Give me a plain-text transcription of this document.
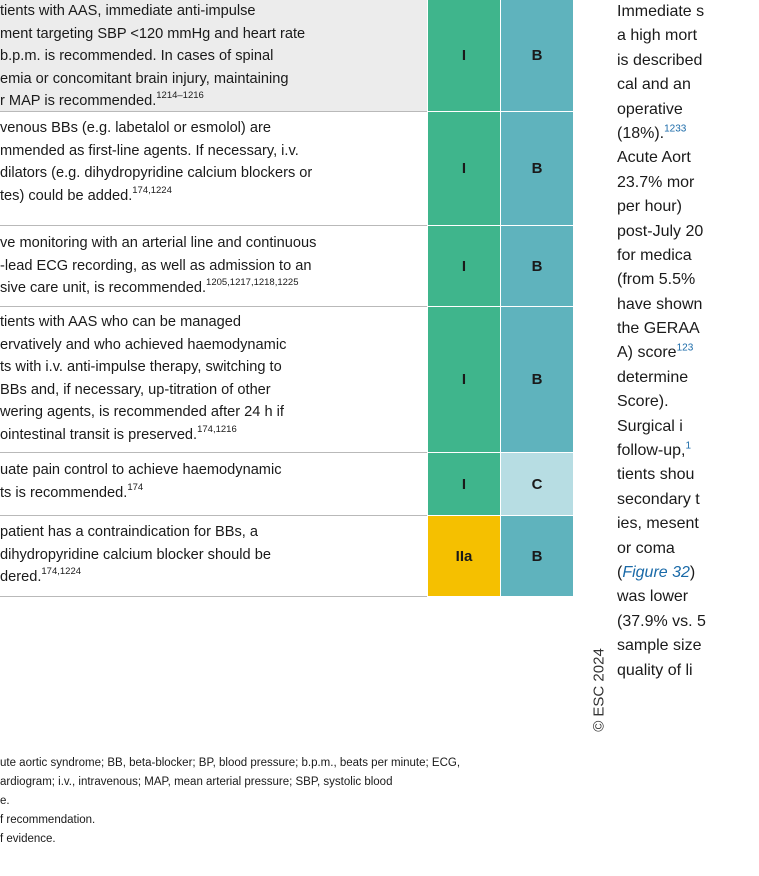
tients with AAS, immediate anti-impulse
ment targeting SBP <120 mmHg and heart rate
b.p.m. is recommended. In cases of spinal
emia or concomitant brain injury, maintaining
r MAP is recommended.$^{1214-1216}$
I	B
venous BBs (e.g. labetalol or esmolol) are
mmended as first-line agents. If necessary, i.v.
dilators (e.g. dihydropyridine calcium blockers or
tes) could be added.$^{174,1224}$
I	B
ve monitoring with an arterial line and continuous
-lead ECG recording, as well as admission to an
sive care unit, is recommended.$^{1205,1217,1218,1225}$
I	B
tients with AAS who can be managed
ervatively and who achieved haemodynamic
ts with i.v. anti-impulse therapy, switching to
BBs and, if necessary, up-titration of other
wering agents, is recommended after 24 h if
ointestinal transit is preserved.$^{174,1216}$
I	B
uate pain control to achieve haemodynamic
ts is recommended.$^{174}$	I	C
patient has a contraindication for BBs, a
dihydropyridine calcium blocker should be
dered.$^{174,1224}$
IIa	B
© ESC 2024
ute aortic syndrome; BB, beta-blocker; BP, blood pressure; b.p.m., beats per minute; ECG,
ardiogram; i.v., intravenous; MAP, mean arterial pressure; SBP, systolic blood
e.
f recommendation.
f evidence.
Immediate s
a high mort
is described
cal and an
operative
(18%).$^{1233}$
Acute Aort
23.7% mor
per hour)
post-July 20
for medica
(from 5.5%
have shown
the GERAA
A) score$^{123}$
determine
Score).
Surgical i
follow-up,$^1$
tients shou
secondary t
ies, mesent
or coma
(Figure 32)
was lower
(37.9% vs. 5
sample size
quality of li
